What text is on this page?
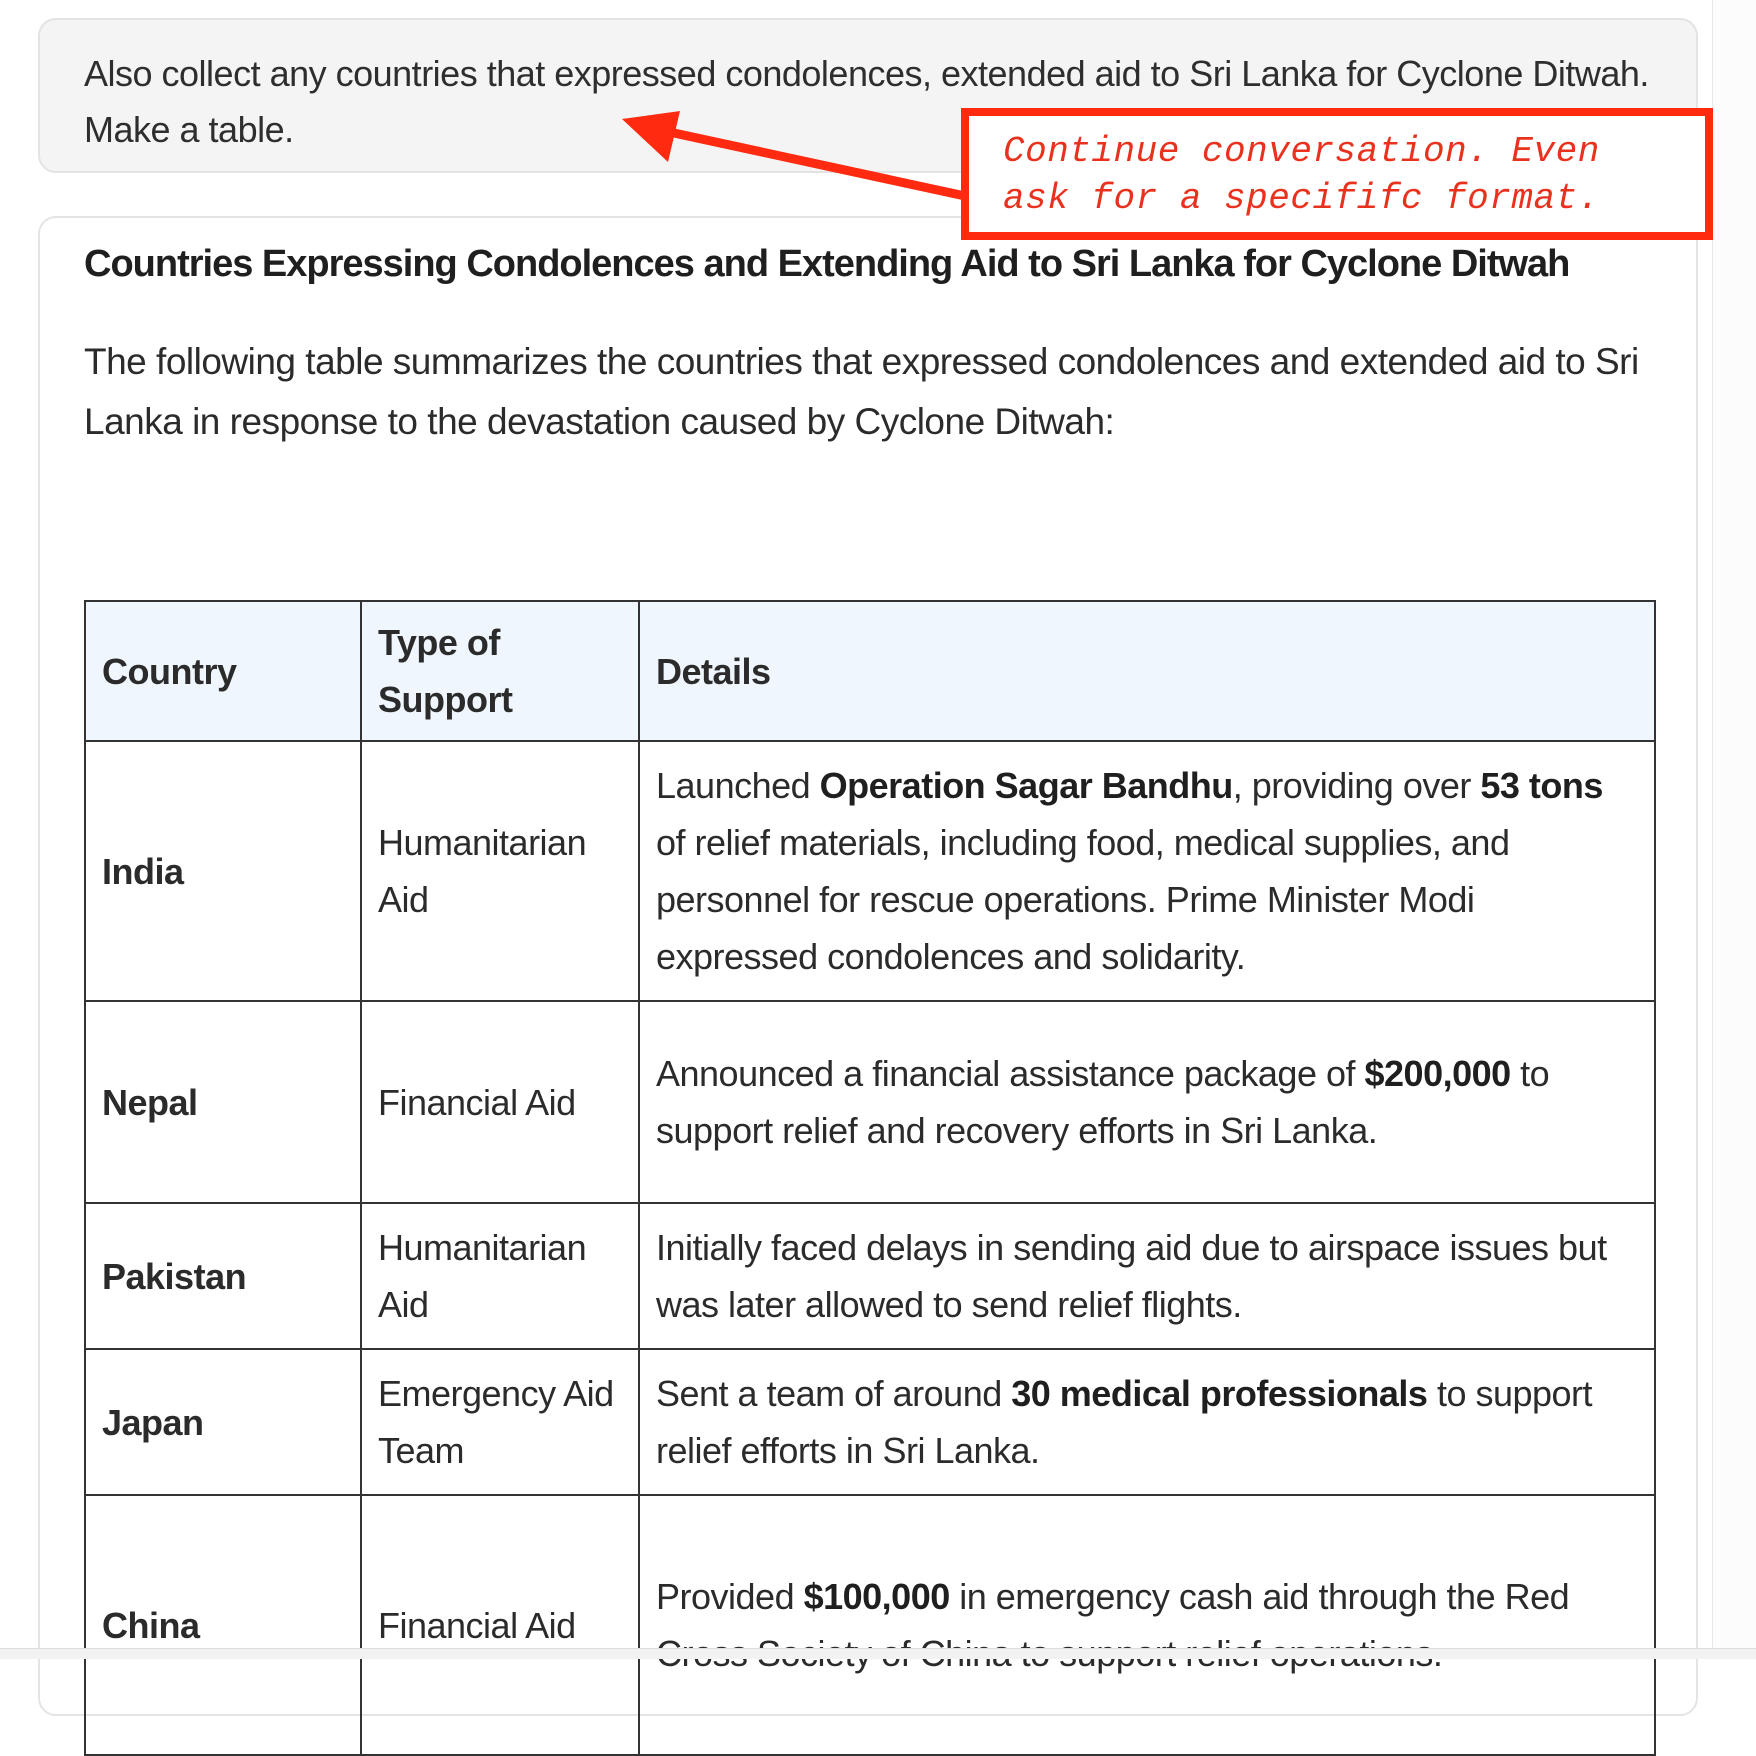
Also collect any countries that expressed condolences, extended aid to Sri Lanka for Cyclone Ditwah. Make a table.
Countries Expressing Condolences and Extending Aid to Sri Lanka for Cyclone Ditwah

The following table summarizes the countries that expressed condolences and extended aid to Sri Lanka in response to the devastation caused by Cyclone Ditwah:

Country	Type of Support	Details
India	Humanitarian Aid	Launched Operation Sagar Bandhu, providing over 53 tons of relief materials, including food, medical supplies, and personnel for rescue operations. Prime Minister Modi expressed condolences and solidarity.
Nepal	Financial Aid	Announced a financial assistance package of $200,000 to support relief and recovery efforts in Sri Lanka.
Pakistan	Humanitarian Aid	Initially faced delays in sending aid due to airspace issues but was later allowed to send relief flights.
Japan	Emergency Aid Team	Sent a team of around 30 medical professionals to support relief efforts in Sri Lanka.
China	Financial Aid	Provided $100,000 in emergency cash aid through the Red
Continue conversation. Even
ask for a specififc format.
